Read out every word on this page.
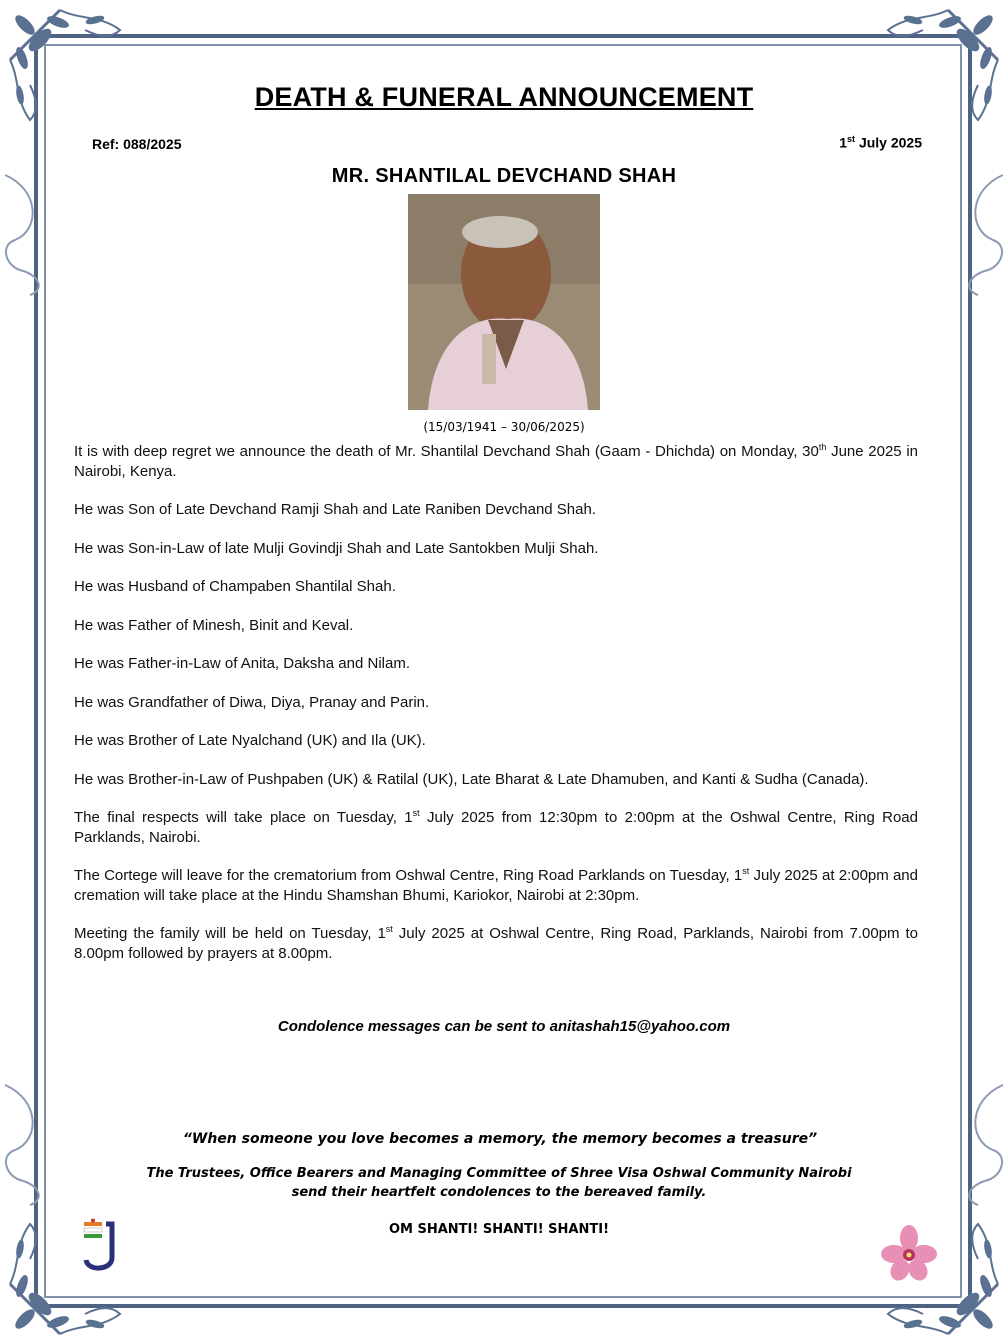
DEATH & FUNERAL ANNOUNCEMENT
Ref: 088/2025	1st July 2025
MR. SHANTILAL DEVCHAND SHAH
(15/03/1941 – 30/06/2025)

It is with deep regret we announce the death of Mr. Shantilal Devchand Shah (Gaam - Dhichda) on Monday, 30th June 2025 in Nairobi, Kenya.

He was Son of Late Devchand Ramji Shah and Late Raniben Devchand Shah.

He was Son-in-Law of late Mulji Govindji Shah and Late Santokben Mulji Shah.

He was Husband of Champaben Shantilal Shah.

He was Father of Minesh, Binit and Keval.

He was Father-in-Law of Anita, Daksha and Nilam.

He was Grandfather of Diwa, Diya, Pranay and Parin.

He was Brother of Late Nyalchand (UK) and Ila (UK).

He was Brother-in-Law of Pushpaben (UK) & Ratilal (UK), Late Bharat & Late Dhamuben, and Kanti & Sudha (Canada).

The final respects will take place on Tuesday, 1st July 2025 from 12:30pm to 2:00pm at the Oshwal Centre, Ring Road Parklands, Nairobi.

The Cortege will leave for the crematorium from Oshwal Centre, Ring Road Parklands on Tuesday, 1st July 2025 at 2:00pm and cremation will take place at the Hindu Shamshan Bhumi, Kariokor, Nairobi at 2:30pm.

Meeting the family will be held on Tuesday, 1st July 2025 at Oshwal Centre, Ring Road, Parklands, Nairobi from 7.00pm to 8.00pm followed by prayers at 8.00pm.

Condolence messages can be sent to anitashah15@yahoo.com
“When someone you love becomes a memory, the memory becomes a treasure”
The Trustees, Office Bearers and Managing Committee of Shree Visa Oshwal Community Nairobi
send their heartfelt condolences to the bereaved family.
OM SHANTI! SHANTI! SHANTI!
